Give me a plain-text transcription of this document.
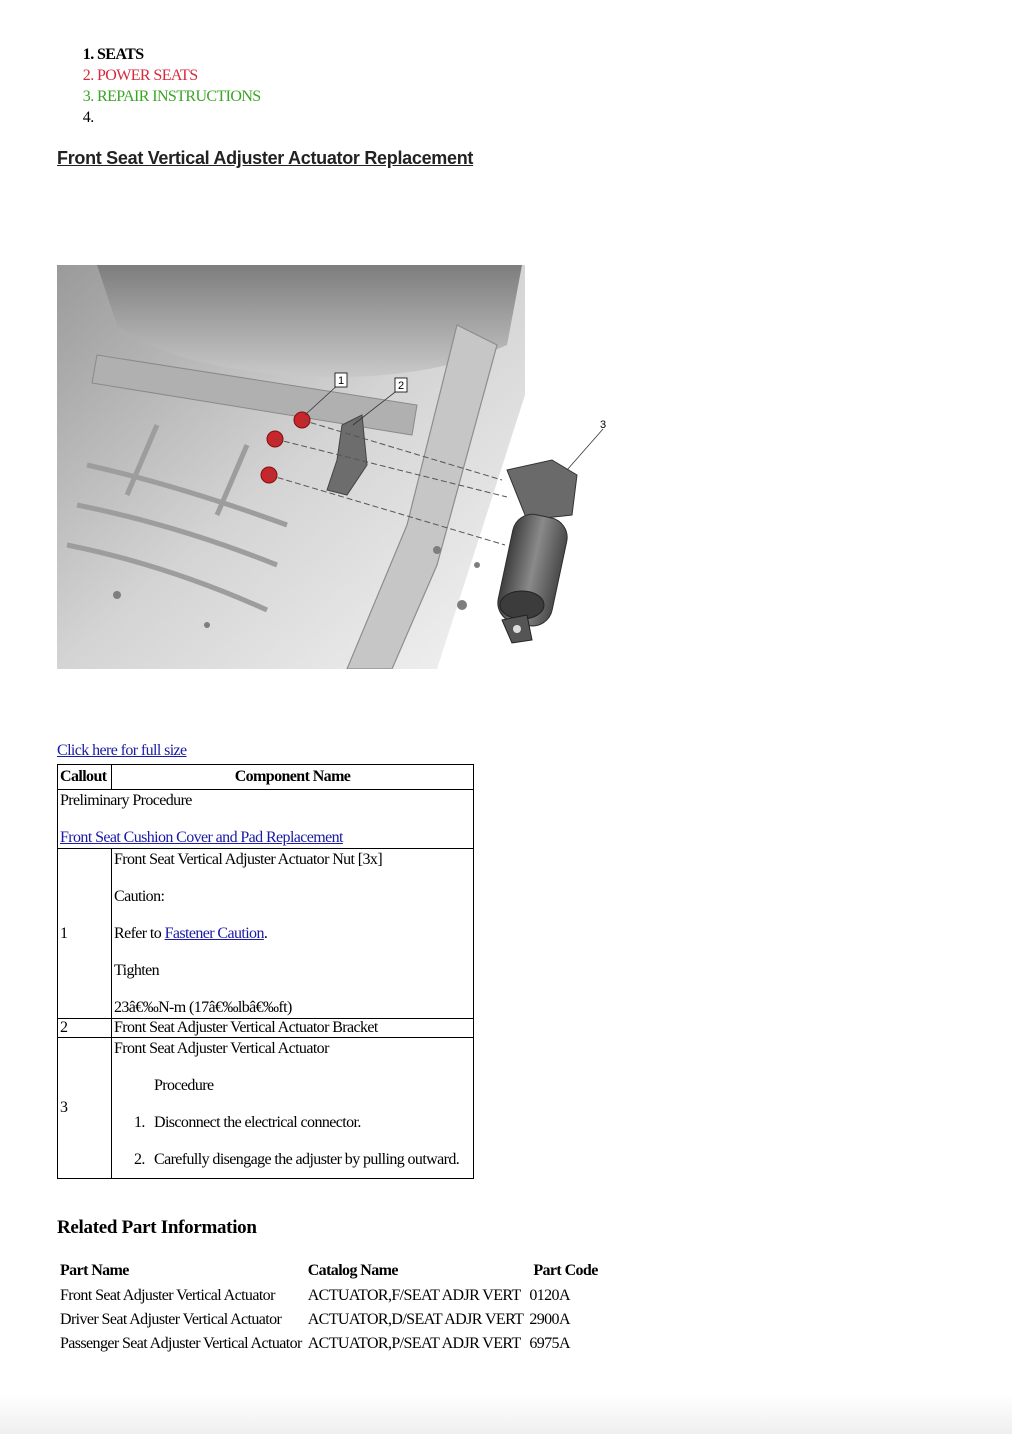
1. SEATS
2. POWER SEATS
3. REPAIR INSTRUCTIONS
4.
Front Seat Vertical Adjuster Actuator Replacement
1	2
3
Click here for full size
Callout	Component Name

Preliminary Procedure
Front Seat Cushion Cover and Pad Replacement	

1	Front Seat Vertical Adjuster Actuator Nut [3x]
Caution:
Refer to Fastener Caution.
Tighten
23â€‰N-m (17â€‰lbâ€‰ft)

2	Front Seat Adjuster Vertical Actuator Bracket
3	Front Seat Adjuster Vertical Actuator
Procedure
1. Disconnect the electrical connector.
2. Carefully disengage the adjuster by pulling outward.
Related Part Information
Part Name	Catalog Name	Part Code
Front Seat Adjuster Vertical Actuator	ACTUATOR,F/SEAT ADJR VERT	0120A
Driver Seat Adjuster Vertical Actuator	ACTUATOR,D/SEAT ADJR VERT	2900A
Passenger Seat Adjuster Vertical Actuator	ACTUATOR,P/SEAT ADJR VERT	6975A
